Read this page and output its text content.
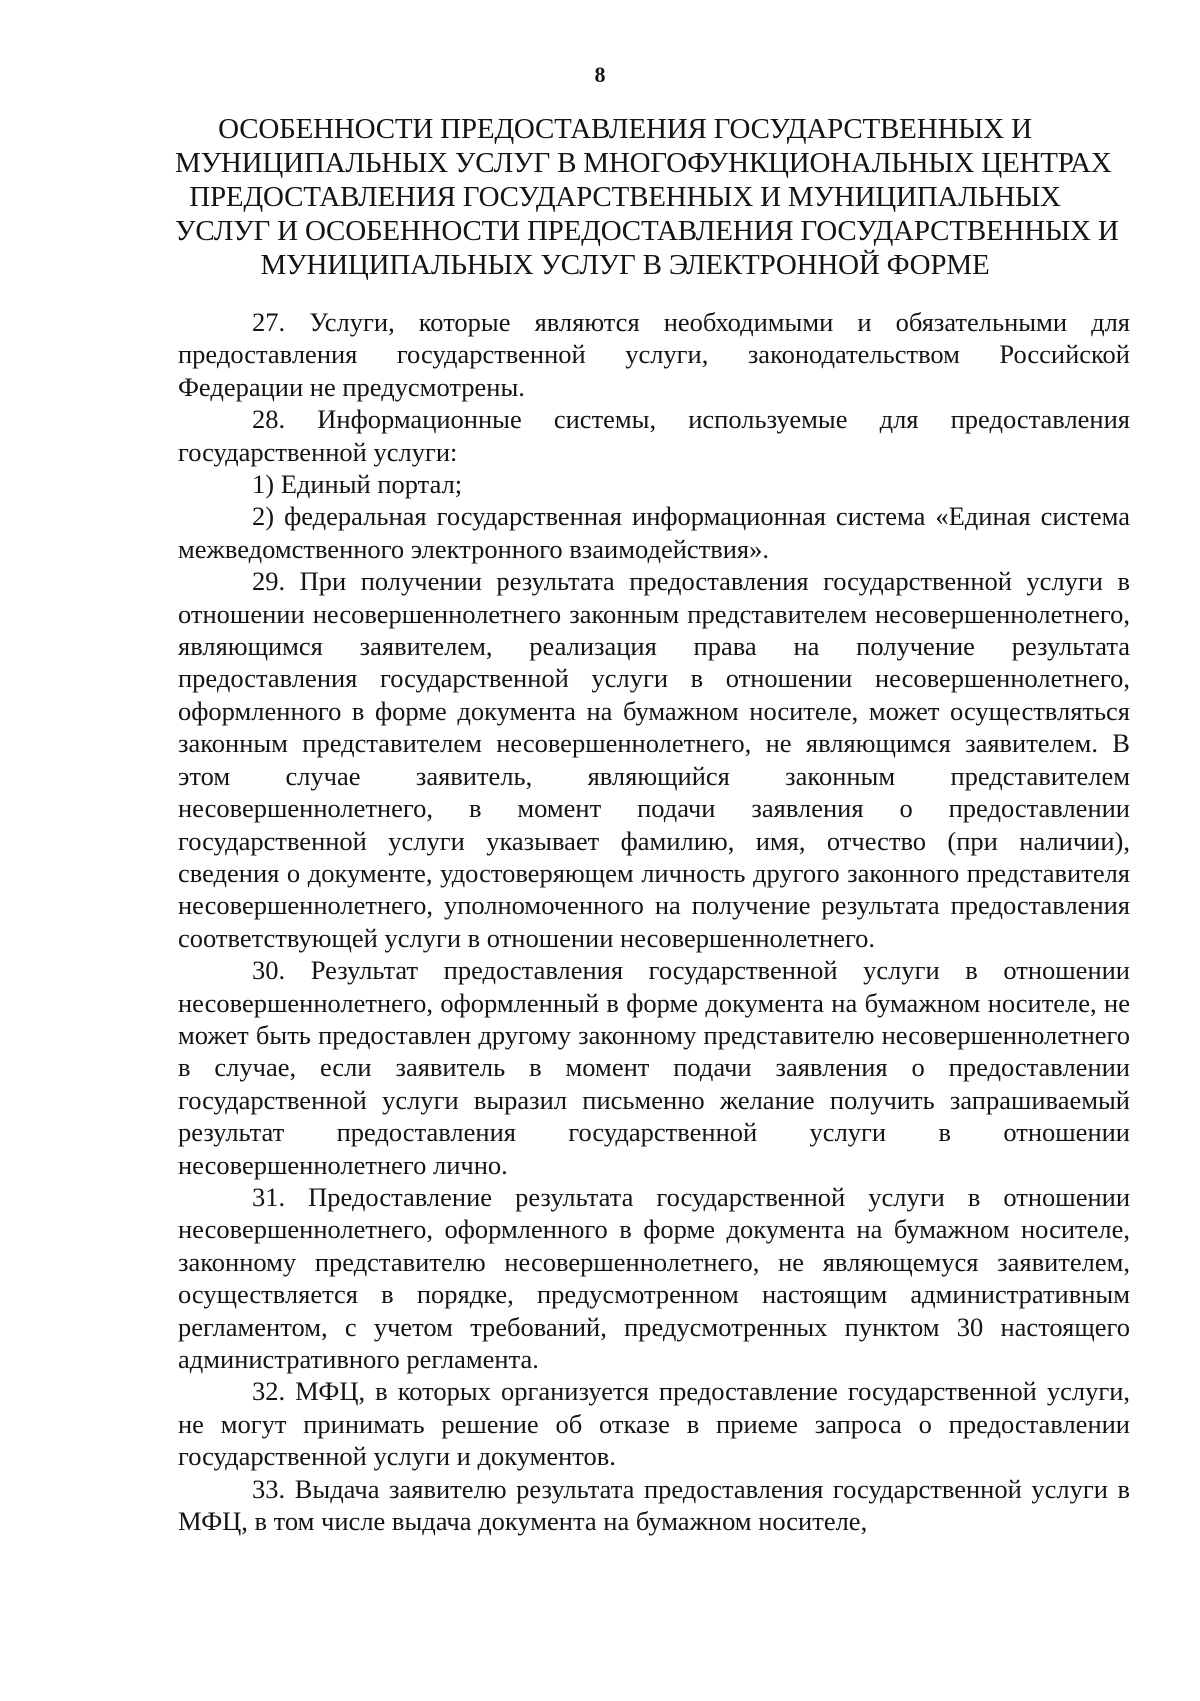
8
ОСОБЕННОСТИ ПРЕДОСТАВЛЕНИЯ ГОСУДАРСТВЕННЫХ И
МУНИЦИПАЛЬНЫХ УСЛУГ В МНОГОФУНКЦИОНАЛЬНЫХ ЦЕНТРАХ
ПРЕДОСТАВЛЕНИЯ ГОСУДАРСТВЕННЫХ И МУНИЦИПАЛЬНЫХ
УСЛУГ И ОСОБЕННОСТИ ПРЕДОСТАВЛЕНИЯ ГОСУДАРСТВЕННЫХ И
МУНИЦИПАЛЬНЫХ УСЛУГ В ЭЛЕКТРОННОЙ ФОРМЕ

27. Услуги, которые являются необходимыми и обязательными для предоставления государственной услуги, законодательством Российской Федерации не предусмотрены.

28. Информационные системы, используемые для предоставления государственной услуги:

1) Единый портал;

2) федеральная государственная информационная система «Единая система межведомственного электронного взаимодействия».

29. При получении результата предоставления государственной услуги в отношении несовершеннолетнего законным представителем несовершеннолетнего, являющимся заявителем, реализация права на получение результата предоставления государственной услуги в отношении несовершеннолетнего, оформленного в форме документа на бумажном носителе, может осуществляться законным представителем несовершеннолетнего, не являющимся заявителем. В этом случае заявитель, являющийся законным представителем несовершеннолетнего, в момент подачи заявления о предоставлении государственной услуги указывает фамилию, имя, отчество (при наличии), сведения о документе, удостоверяющем личность другого законного представителя несовершеннолетнего, уполномоченного на получение результата предоставления соответствующей услуги в отношении несовершеннолетнего.

30. Результат предоставления государственной услуги в отношении несовершеннолетнего, оформленный в форме документа на бумажном носителе, не может быть предоставлен другому законному представителю несовершеннолетнего в случае, если заявитель в момент подачи заявления о предоставлении государственной услуги выразил письменно желание получить запрашиваемый результат предоставления государственной услуги в отношении несовершеннолетнего лично.

31. Предоставление результата государственной услуги в отношении несовершеннолетнего, оформленного в форме документа на бумажном носителе, законному представителю несовершеннолетнего, не являющемуся заявителем, осуществляется в порядке, предусмотренном настоящим административным регламентом, с учетом требований, предусмотренных пунктом 30 настоящего административного регламента.

32. МФЦ, в которых организуется предоставление государственной услуги, не могут принимать решение об отказе в приеме запроса о предоставлении государственной услуги и документов.

33. Выдача заявителю результата предоставления государственной услуги в МФЦ, в том числе выдача документа на бумажном носителе,
